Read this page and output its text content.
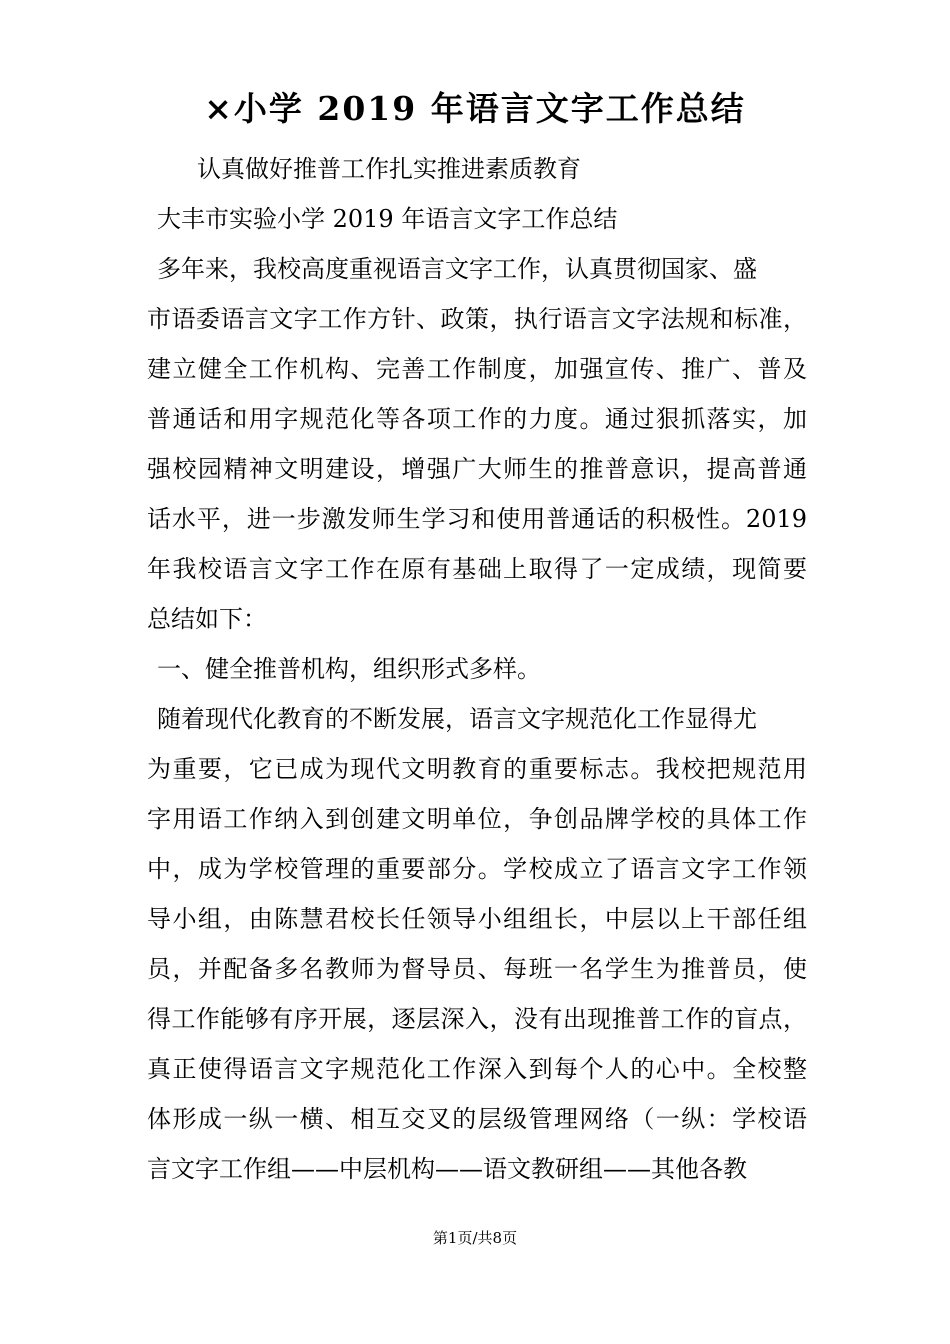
×小学 2019 年语言文字工作总结
认真做好推普工作扎实推进素质教育
大丰市实验小学 2019 年语言文字工作总结
多年来，我校高度重视语言文字工作，认真贯彻国家、盛
市语委语言文字工作方针、政策，执行语言文字法规和标准，
建立健全工作机构、完善工作制度，加强宣传、推广、普及
普通话和用字规范化等各项工作的力度。通过狠抓落实，加
强校园精神文明建设，增强广大师生的推普意识，提高普通
话水平，进一步激发师生学习和使用普通话的积极性。2019
年我校语言文字工作在原有基础上取得了一定成绩，现简要
总结如下：
一、健全推普机构，组织形式多样。
随着现代化教育的不断发展，语言文字规范化工作显得尤
为重要，它已成为现代文明教育的重要标志。我校把规范用
字用语工作纳入到创建文明单位，争创品牌学校的具体工作
中，成为学校管理的重要部分。学校成立了语言文字工作领
导小组，由陈慧君校长任领导小组组长，中层以上干部任组
员，并配备多名教师为督导员、每班一名学生为推普员，使
得工作能够有序开展，逐层深入，没有出现推普工作的盲点，
真正使得语言文字规范化工作深入到每个人的心中。全校整
体形成一纵一横、相互交叉的层级管理网络（一纵：学校语
言文字工作组——中层机构——语文教研组——其他各教
第1页/共8页
